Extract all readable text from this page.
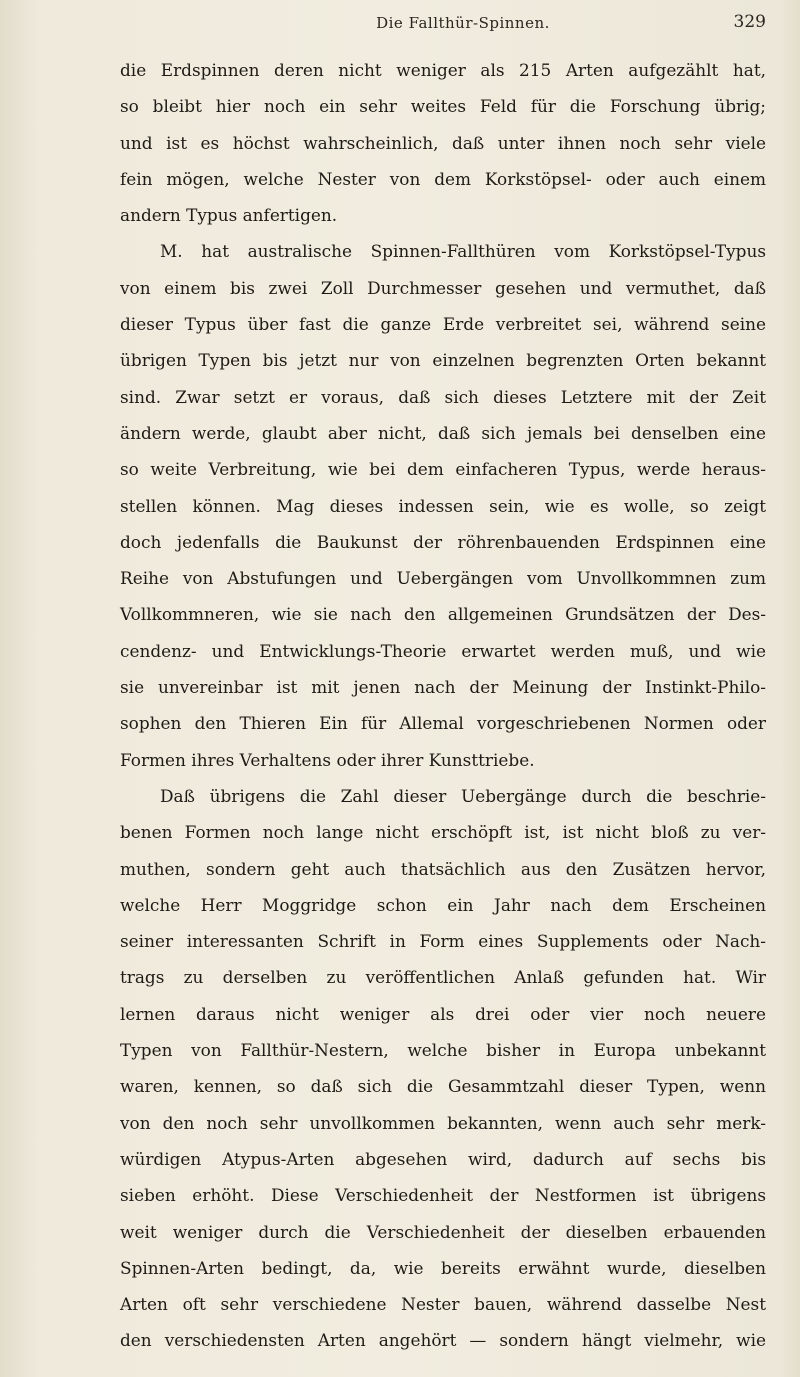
Die Fallthür-Spinnen.	329
die Erdspinnen deren nicht weniger als 215 Arten aufgezählt hat,
so bleibt hier noch ein sehr weites Feld für die Forschung übrig;
und ist es höchst wahrscheinlich, daß unter ihnen noch sehr viele
fein mögen, welche Nester von dem Korkstöpsel- oder auch einem
andern Typus anfertigen.
M. hat australische Spinnen-Fallthüren vom Korkstöpsel-Typus
von einem bis zwei Zoll Durchmesser gesehen und vermuthet, daß
dieser Typus über fast die ganze Erde verbreitet sei, während seine
übrigen Typen bis jetzt nur von einzelnen begrenzten Orten bekannt
sind. Zwar setzt er voraus, daß sich dieses Letztere mit der Zeit
ändern werde, glaubt aber nicht, daß sich jemals bei denselben eine
so weite Verbreitung, wie bei dem einfacheren Typus, werde heraus-
stellen können. Mag dieses indessen sein, wie es wolle, so zeigt
doch jedenfalls die Baukunst der röhrenbauenden Erdspinnen eine
Reihe von Abstufungen und Uebergängen vom Unvollkommnen zum
Vollkommneren, wie sie nach den allgemeinen Grundsätzen der Des-
cendenz- und Entwicklungs-Theorie erwartet werden muß, und wie
sie unvereinbar ist mit jenen nach der Meinung der Instinkt-Philo-
sophen den Thieren Ein für Allemal vorgeschriebenen Normen oder
Formen ihres Verhaltens oder ihrer Kunsttriebe.
Daß übrigens die Zahl dieser Uebergänge durch die beschrie-
benen Formen noch lange nicht erschöpft ist, ist nicht bloß zu ver-
muthen, sondern geht auch thatsächlich aus den Zusätzen hervor,
welche Herr Moggridge schon ein Jahr nach dem Erscheinen
seiner interessanten Schrift in Form eines Supplements oder Nach-
trags zu derselben zu veröffentlichen Anlaß gefunden hat. Wir
lernen daraus nicht weniger als drei oder vier noch neuere
Typen von Fallthür-Nestern, welche bisher in Europa unbekannt
waren, kennen, so daß sich die Gesammtzahl dieser Typen, wenn
von den noch sehr unvollkommen bekannten, wenn auch sehr merk-
würdigen Atypus-Arten abgesehen wird, dadurch auf sechs bis
sieben erhöht. Diese Verschiedenheit der Nestformen ist übrigens
weit weniger durch die Verschiedenheit der dieselben erbauenden
Spinnen-Arten bedingt, da, wie bereits erwähnt wurde, dieselben
Arten oft sehr verschiedene Nester bauen, während dasselbe Nest
den verschiedensten Arten angehört — sondern hängt vielmehr, wie
